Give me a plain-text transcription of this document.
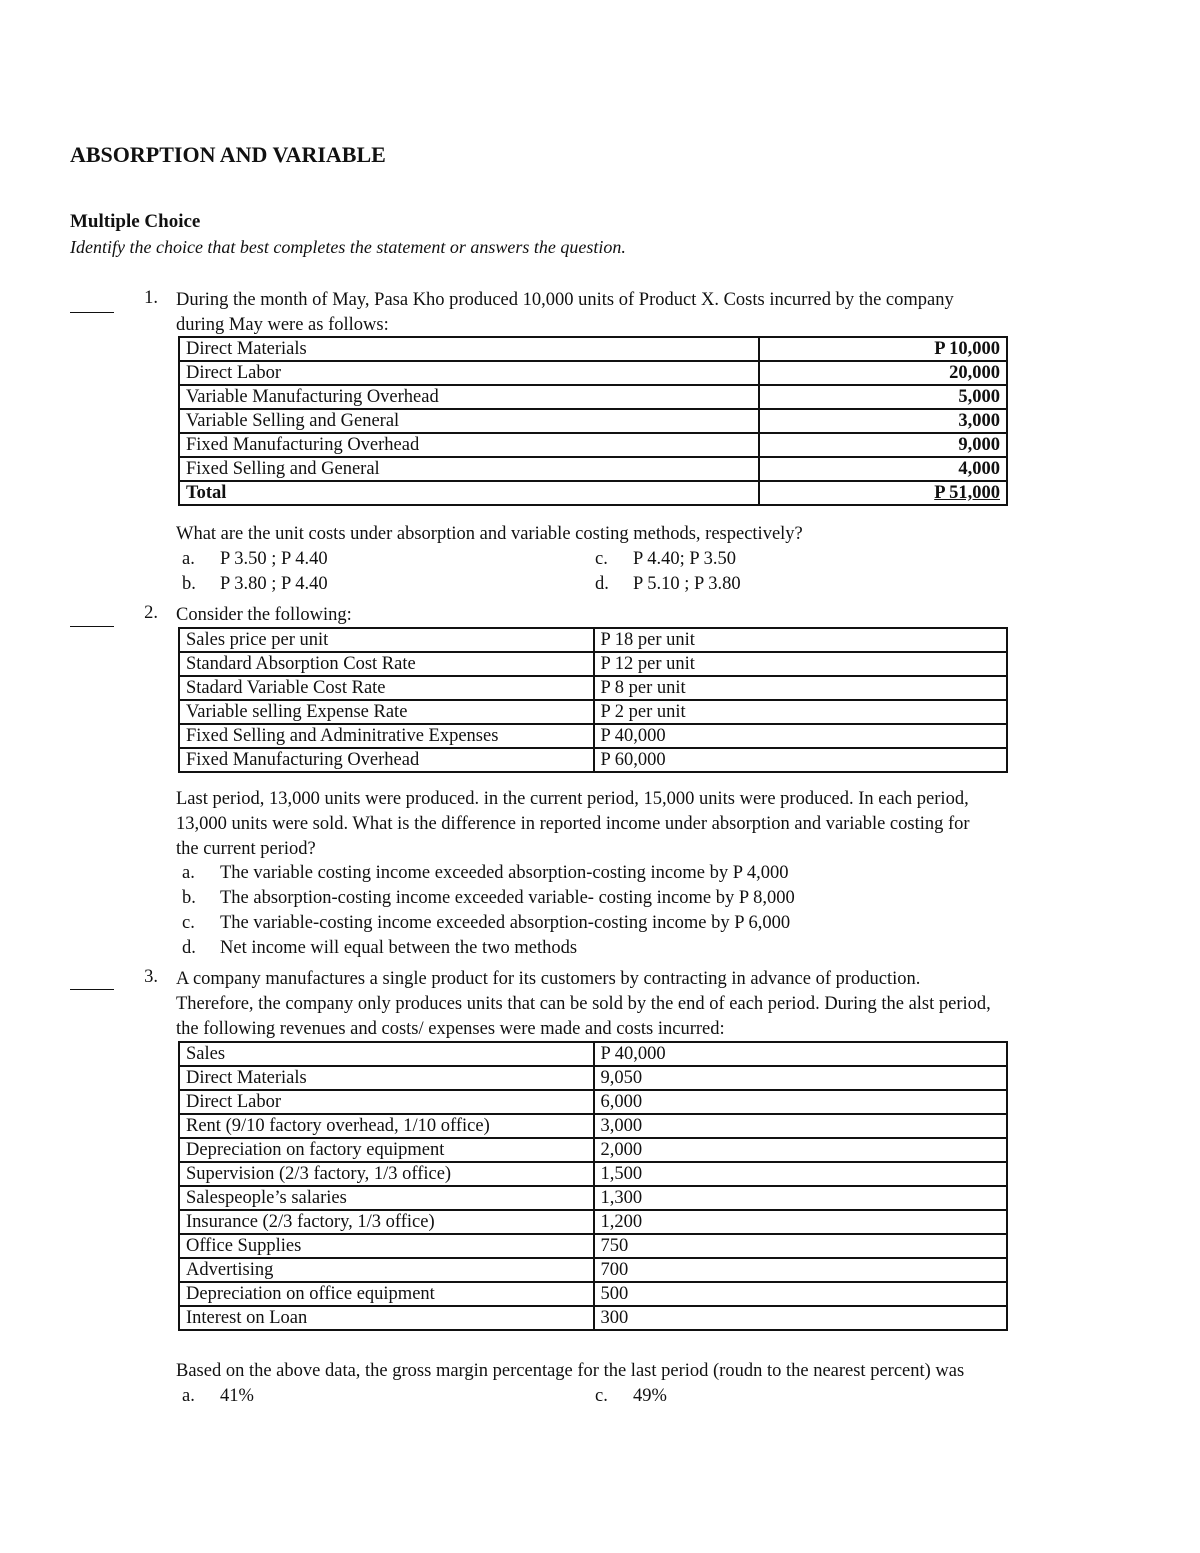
ABSORPTION AND VARIABLE
Multiple Choice
Identify the choice that best completes the statement or answers the question.
1. During the month of May, Pasa Kho produced 10,000 units of Product X. Costs incurred by the company
during May were as follows:
Direct Materials	P 10,000
Direct Labor	20,000
Variable Manufacturing Overhead	5,000
Variable Selling and General	3,000
Fixed Manufacturing Overhead	9,000
Fixed Selling and General	4,000
Total	P 51,000
What are the unit costs under absorption and variable costing methods, respectively?
a. P 3.50 ; P 4.40	c. P 4.40; P 3.50
b. P 3.80 ; P 4.40	d. P 5.10 ; P 3.80
2. Consider the following:
Sales price per unit	P 18 per unit
Standard Absorption Cost Rate	P 12 per unit
Stadard Variable Cost Rate	P 8 per unit
Variable selling Expense Rate	P 2 per unit
Fixed Selling and Adminitrative Expenses	P 40,000
Fixed Manufacturing Overhead	P 60,000
Last period, 13,000 units were produced. in the current period, 15,000 units were produced. In each period,
13,000 units were sold. What is the difference in reported income under absorption and variable costing for
the current period?
a. The variable costing income exceeded absorption-costing income by P 4,000
b. The absorption-costing income exceeded variable- costing income by P 8,000
c. The variable-costing income exceeded absorption-costing income by P 6,000
d. Net income will equal between the two methods
3. A company manufactures a single product for its customers by contracting in advance of production.
Therefore, the company only produces units that can be sold by the end of each period. During the alst period,
the following revenues and costs/ expenses were made and costs incurred:
Sales	P 40,000
Direct Materials	9,050
Direct Labor	6,000
Rent (9/10 factory overhead, 1/10 office)	3,000
Depreciation on factory equipment	2,000
Supervision (2/3 factory, 1/3 office)	1,500
Salespeople’s salaries	1,300
Insurance (2/3 factory, 1/3 office)	1,200
Office Supplies	750
Advertising	700
Depreciation on office equipment	500
Interest on Loan	300
Based on the above data, the gross margin percentage for the last period (roudn to the nearest percent) was
a. 41%	c. 49%
